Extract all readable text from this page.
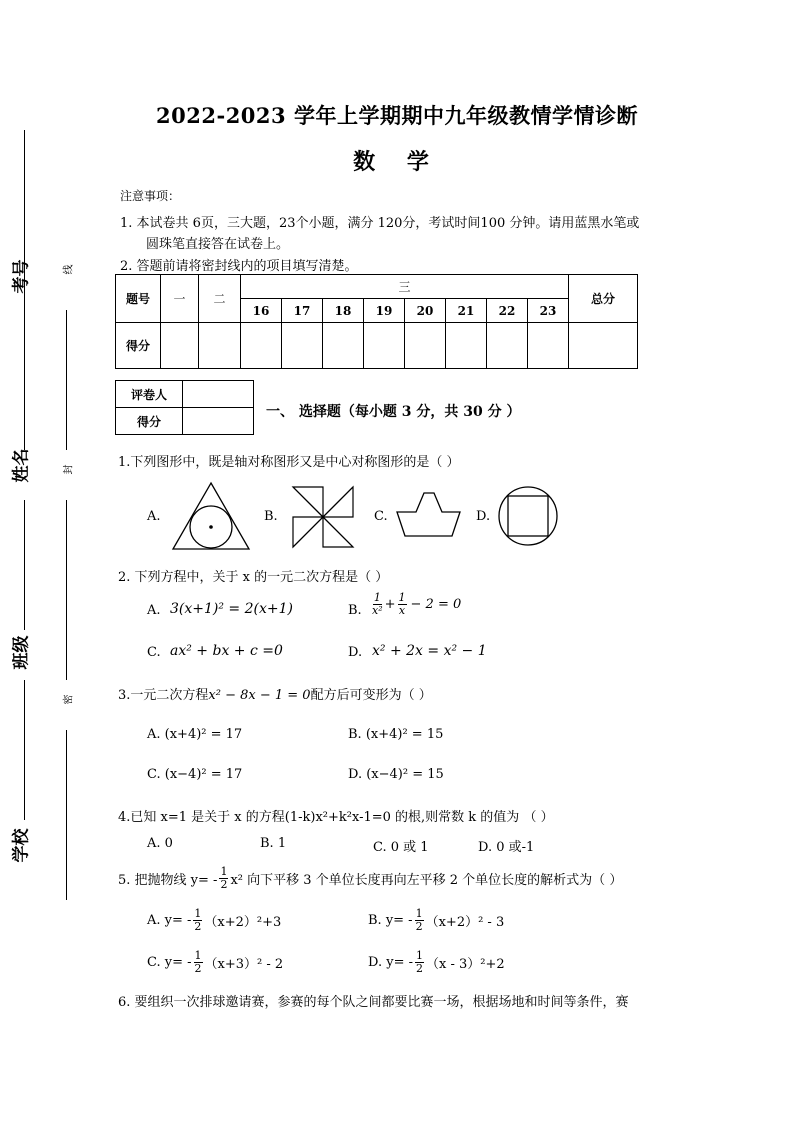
考号
姓名
班级
学校
线
封
密
2022-2023 学年上学期期中九年级教情学情诊断
数 学
注意事项：
1. 本试卷共 6页，三大题，23个小题，满分 120分，考试时间100 分钟。请用蓝黑水笔或
圆珠笔直接答在试卷上。
2. 答题前请将密封线内的项目填写清楚。
题号	一	二	三								总分
			16	17	18	19	20	21	22	23	
得分											
评卷人	
得分	
一、 选择题（每小题 3 分，共 30 分 ）
1.下列图形中，既是轴对称图形又是中心对称图形的是（ ）
A.	B.	C.	D.
2. 下列方程中，关于 x 的一元二次方程是（ ）
A. 3(x+1)² = 2(x+1)	B. $\frac{1}{\text{x²}} + \frac{1}{x} - 2 = 0$
C. ax² + bx + c =0	D. x² + 2x = x² − 1
3.一元二次方程x² − 8x − 1 = 0配方后可变形为（ ）
A. (x+4)² = 17	B. (x+4)² = 15
C. (x−4)² = 17	D. (x−4)² = 15
4.已知 x=1 是关于 x 的方程(1-k)x²+k²x-1=0 的根,则常数 k 的值为 （ ）
A. 0	B. 1	C. 0 或 1	D. 0 或-1
5. 把抛物线 $y= - \frac{1}{2} x^2$ 向下平移 3 个单位长度再向左平移 2 个单位长度的解析式为（ ）
A. $y= - \frac{1}{2} (x+2)^2+3$	B. $y= - \frac{1}{2} (x+2)^2 - 3$
C. $y= - \frac{1}{2} (x+3)^2 - 2$	D. $y= - \frac{1}{2} (x - 3)^2+2$
6. 要组织一次排球邀请赛，参赛的每个队之间都要比赛一场，根据场地和时间等条件，赛
